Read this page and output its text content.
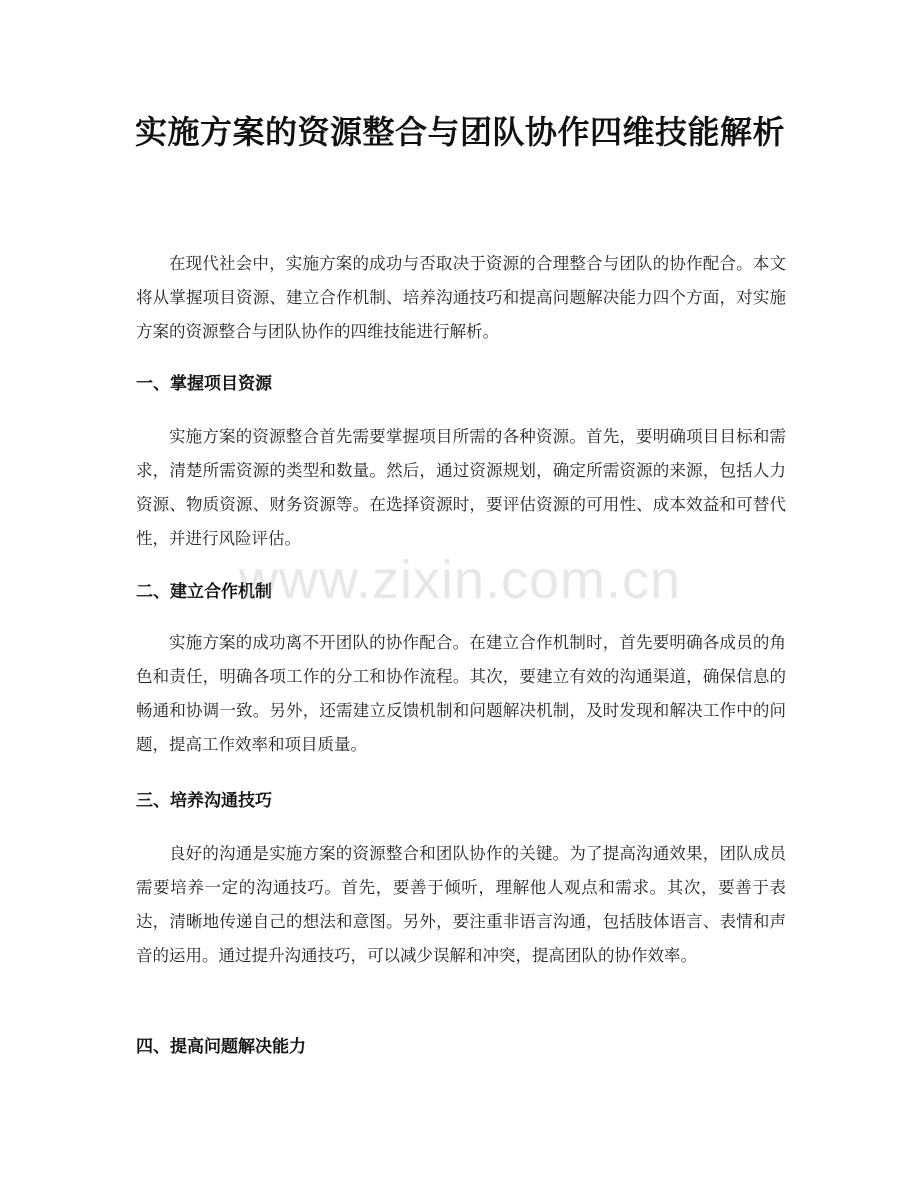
实施方案的资源整合与团队协作四维技能解析

在现代社会中，实施方案的成功与否取决于资源的合理整合与团队的协作配合。本文将从掌握项目资源、建立合作机制、培养沟通技巧和提高问题解决能力四个方面，对实施方案的资源整合与团队协作的四维技能进行解析。

一、掌握项目资源

实施方案的资源整合首先需要掌握项目所需的各种资源。首先，要明确项目目标和需求，清楚所需资源的类型和数量。然后，通过资源规划，确定所需资源的来源，包括人力资源、物质资源、财务资源等。在选择资源时，要评估资源的可用性、成本效益和可替代性，并进行风险评估。

二、建立合作机制

实施方案的成功离不开团队的协作配合。在建立合作机制时，首先要明确各成员的角色和责任，明确各项工作的分工和协作流程。其次，要建立有效的沟通渠道，确保信息的畅通和协调一致。另外，还需建立反馈机制和问题解决机制，及时发现和解决工作中的问题，提高工作效率和项目质量。

三、培养沟通技巧

良好的沟通是实施方案的资源整合和团队协作的关键。为了提高沟通效果，团队成员需要培养一定的沟通技巧。首先，要善于倾听，理解他人观点和需求。其次，要善于表达，清晰地传递自己的想法和意图。另外，要注重非语言沟通，包括肢体语言、表情和声音的运用。通过提升沟通技巧，可以减少误解和冲突，提高团队的协作效率。

四、提高问题解决能力
www.zixin.com.cn
